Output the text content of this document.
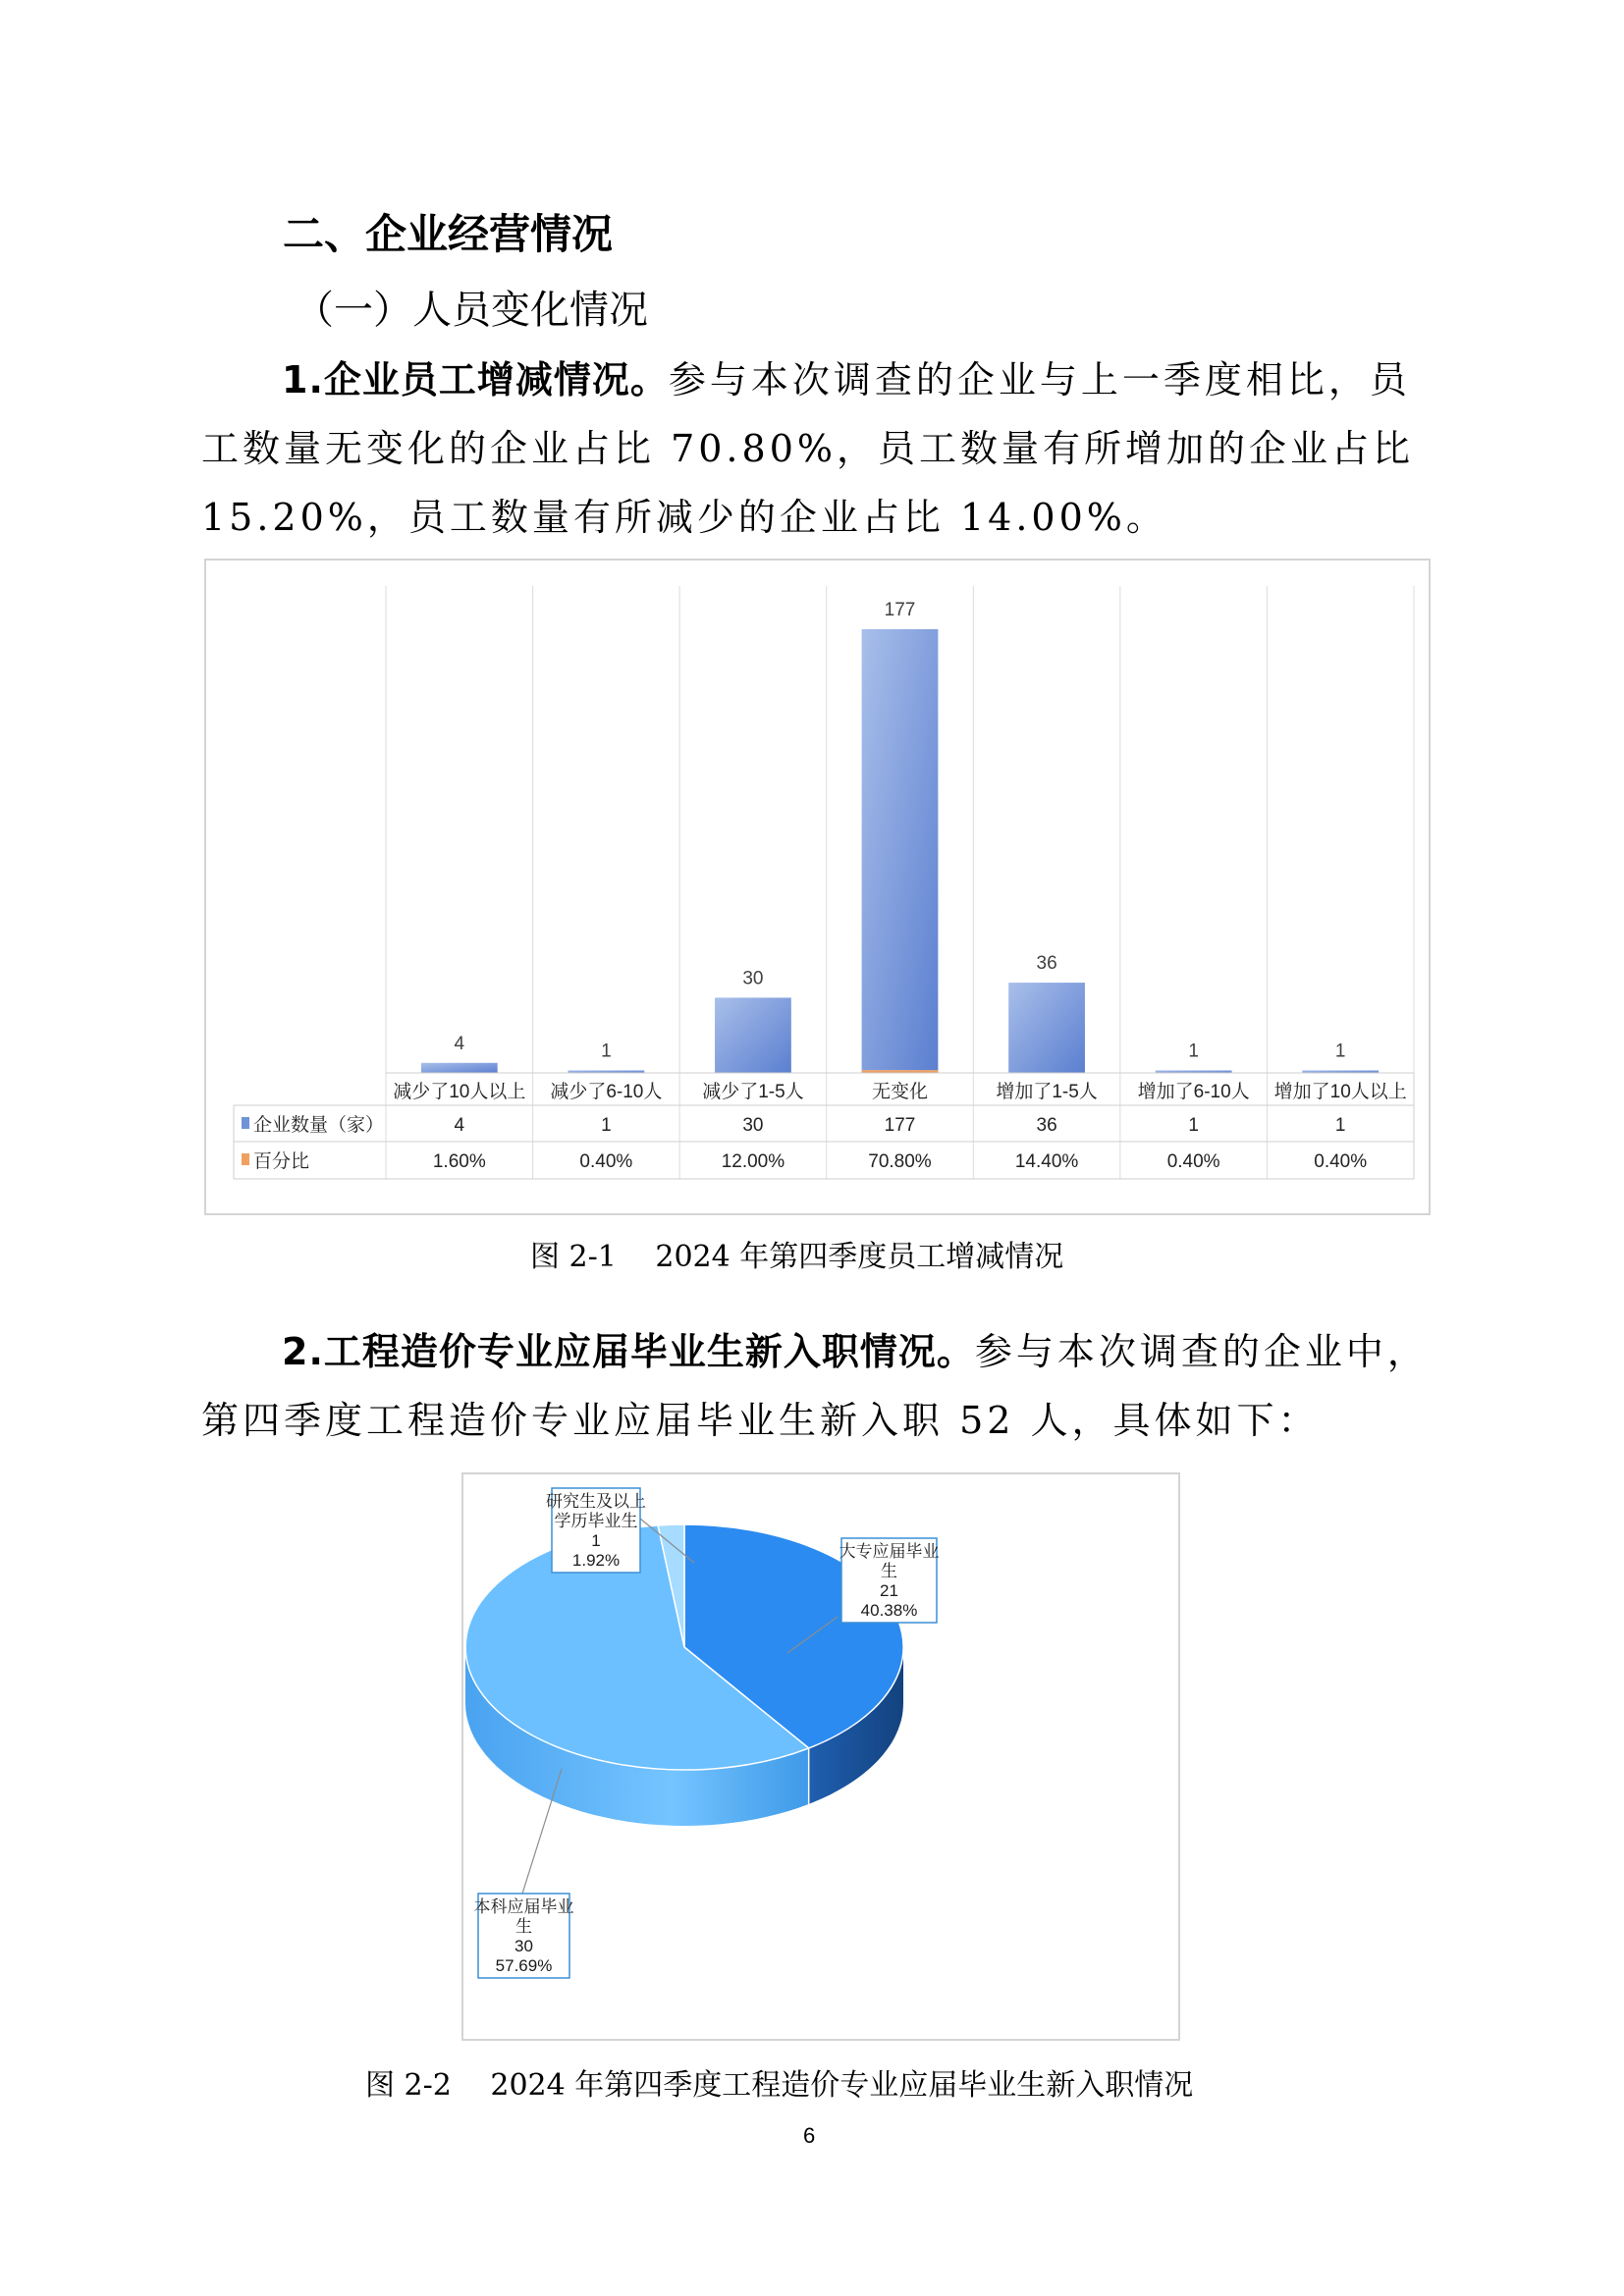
二、企业经营情况
（一）人员变化情况
1.企业员工增减情况。参与本次调查的企业与上一季度相比，员工数量无变化的企业占比 70.80%，员工数量有所增加的企业占比 15.20%，员工数量有所减少的企业占比 14.00%。
4	1
30
177
36
1	1
减少了10人以上
4
1.60%
减少了6-10人
1
0.40%
减少了1-5人
30
12.00%
无变化
177
70.80%
增加了1-5人
36
14.40%
增加了6-10人
1
0.40%
增加了10人以上
1
0.40%
企业数量（家）
百分比
图 2-1　 2024 年第四季度员工增减情况
2.工程造价专业应届毕业生新入职情况。参与本次调查的企业中，第四季度工程造价专业应届毕业生新入职 52 人，具体如下：
大专应届毕业
生
21
40.38%
本科应届毕业
生
30
57.69%
研究生及以上
学历毕业生
1
1.92%
图 2-2　 2024 年第四季度工程造价专业应届毕业生新入职情况
6
